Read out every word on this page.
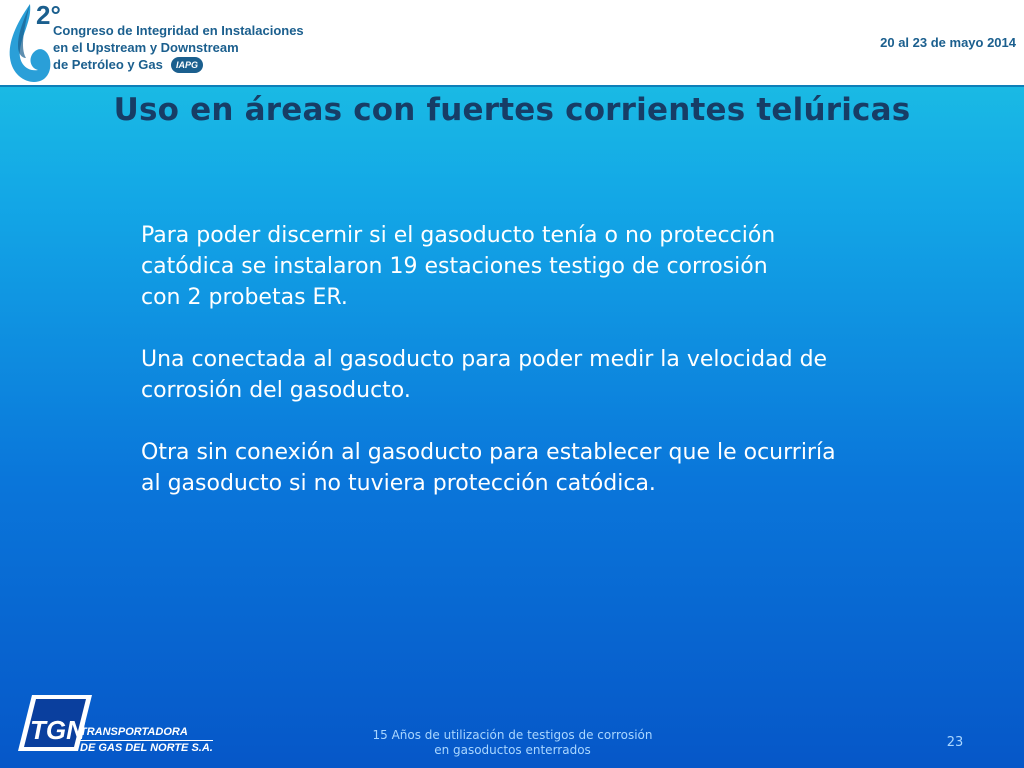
2°
Congreso de Integridad en Instalaciones
en el Upstream y Downstream
de Petróleo y Gas	IAPG
20 al 23 de mayo 2014
Uso en áreas con fuertes corrientes telúricas

Para poder discernir si el gasoducto tenía o no protección
catódica se instalaron 19 estaciones testigo de corrosión
con 2 probetas ER.

Una conectada al gasoducto para poder medir la velocidad de
corrosión del gasoducto.

Otra sin conexión al gasoducto para establecer que le ocurriría
al gasoducto si no tuviera protección catódica.

TGN
TRANSPORTADORA
DE GAS DEL NORTE S.A.
15 Años de utilización de testigos de corrosión
en gasoductos enterrados	23
